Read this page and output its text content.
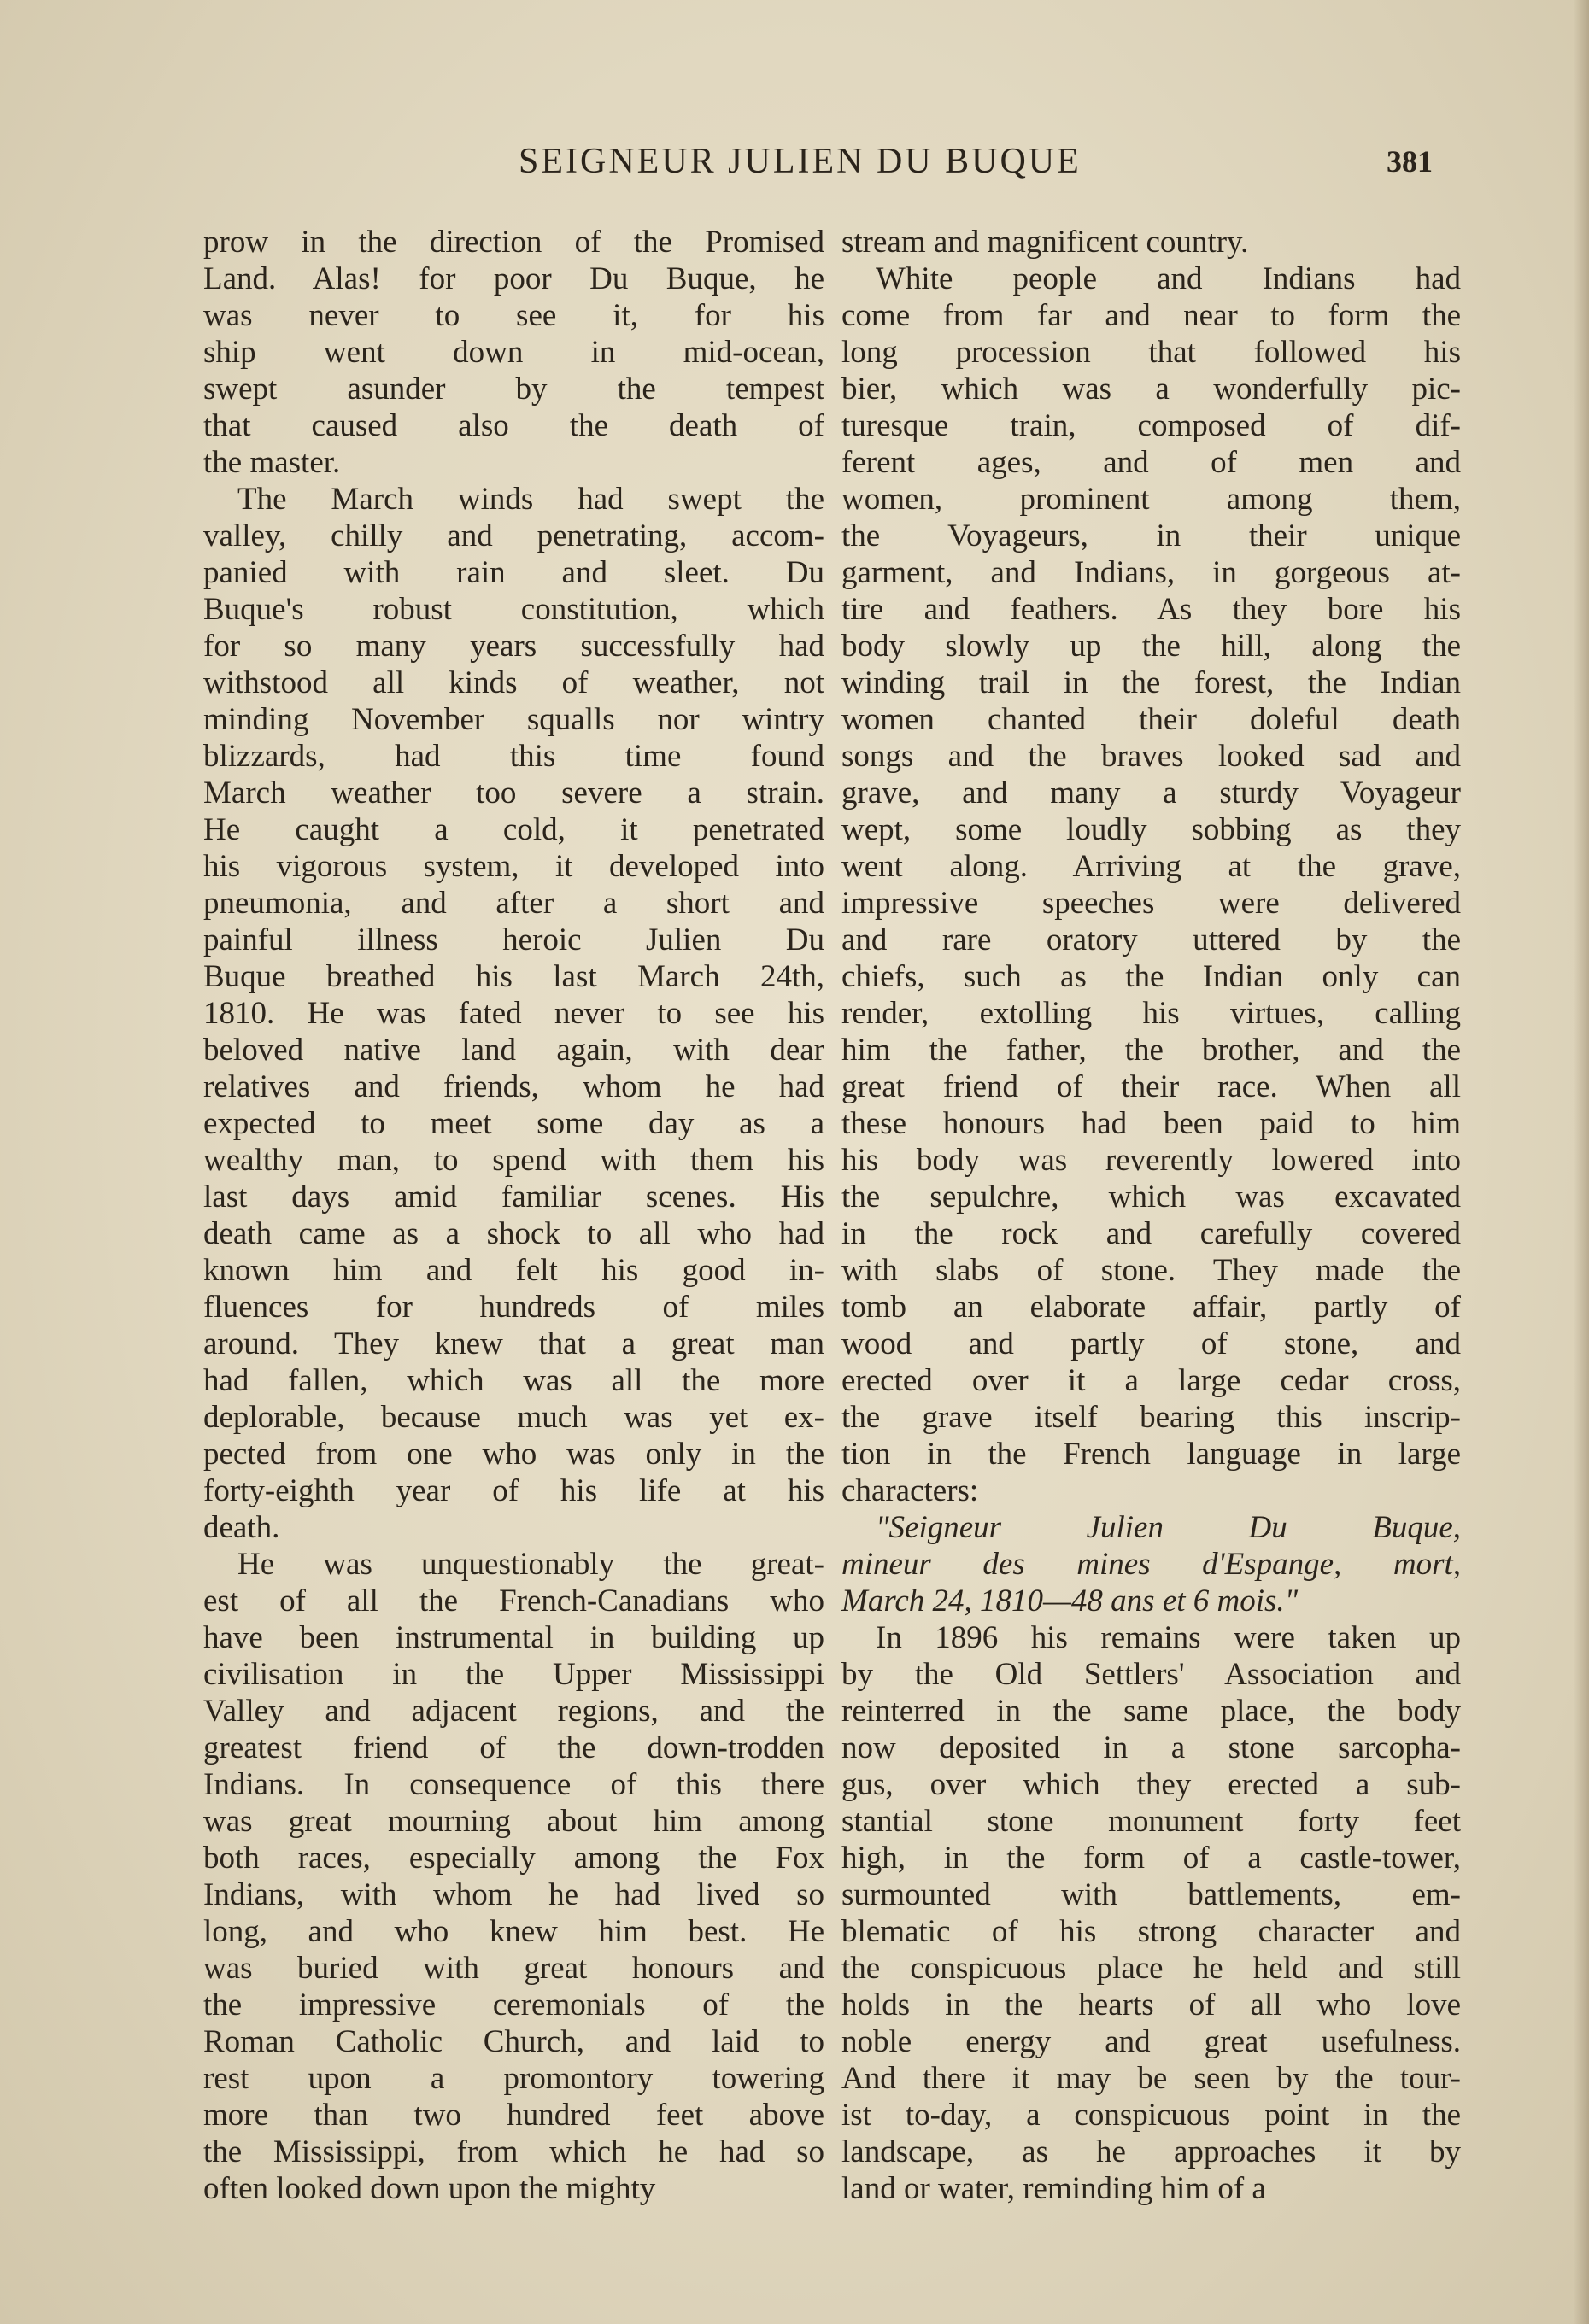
SEIGNEUR JULIEN DU BUQUE	381
prow in the direction of the Promised
Land. Alas! for poor Du Buque, he
was never to see it, for his
ship went down in mid-ocean,
swept asunder by the tempest
that caused also the death of
the master.
The March winds had swept the
valley, chilly and penetrating, accom-
panied with rain and sleet. Du
Buque's robust constitution, which
for so many years successfully had
withstood all kinds of weather, not
minding November squalls nor wintry
blizzards, had this time found
March weather too severe a strain.
He caught a cold, it penetrated
his vigorous system, it developed into
pneumonia, and after a short and
painful illness heroic Julien Du
Buque breathed his last March 24th,
1810. He was fated never to see his
beloved native land again, with dear
relatives and friends, whom he had
expected to meet some day as a
wealthy man, to spend with them his
last days amid familiar scenes. His
death came as a shock to all who had
known him and felt his good in-
fluences for hundreds of miles
around. They knew that a great man
had fallen, which was all the more
deplorable, because much was yet ex-
pected from one who was only in the
forty-eighth year of his life at his
death.
He was unquestionably the great-
est of all the French-Canadians who
have been instrumental in building up
civilisation in the Upper Mississippi
Valley and adjacent regions, and the
greatest friend of the down-trodden
Indians. In consequence of this there
was great mourning about him among
both races, especially among the Fox
Indians, with whom he had lived so
long, and who knew him best. He
was buried with great honours and
the impressive ceremonials of the
Roman Catholic Church, and laid to
rest upon a promontory towering
more than two hundred feet above
the Mississippi, from which he had so
often looked down upon the mighty
stream and magnificent country.
White people and Indians had
come from far and near to form the
long procession that followed his
bier, which was a wonderfully pic-
turesque train, composed of dif-
ferent ages, and of men and
women, prominent among them,
the Voyageurs, in their unique
garment, and Indians, in gorgeous at-
tire and feathers. As they bore his
body slowly up the hill, along the
winding trail in the forest, the Indian
women chanted their doleful death
songs and the braves looked sad and
grave, and many a sturdy Voyageur
wept, some loudly sobbing as they
went along. Arriving at the grave,
impressive speeches were delivered
and rare oratory uttered by the
chiefs, such as the Indian only can
render, extolling his virtues, calling
him the father, the brother, and the
great friend of their race. When all
these honours had been paid to him
his body was reverently lowered into
the sepulchre, which was excavated
in the rock and carefully covered
with slabs of stone. They made the
tomb an elaborate affair, partly of
wood and partly of stone, and
erected over it a large cedar cross,
the grave itself bearing this inscrip-
tion in the French language in large
characters:
"Seigneur Julien Du Buque,
mineur des mines d'Espange, mort,
March 24, 1810—48 ans et 6 mois."
In 1896 his remains were taken up
by the Old Settlers' Association and
reinterred in the same place, the body
now deposited in a stone sarcopha-
gus, over which they erected a sub-
stantial stone monument forty feet
high, in the form of a castle-tower,
surmounted with battlements, em-
blematic of his strong character and
the conspicuous place he held and still
holds in the hearts of all who love
noble energy and great usefulness.
And there it may be seen by the tour-
ist to-day, a conspicuous point in the
landscape, as he approaches it by
land or water, reminding him of a
